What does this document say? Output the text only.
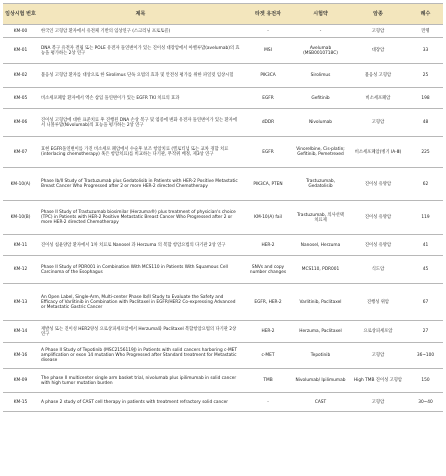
임상시험 번호	제목	타겟 유전자	시험약	암종	례수
KM-00	한국인 고형암 환자에서 유전체 기반의 임상연구 (스크리닝 프로토콜)	-	-	고형암	만명
KM-01	DNA 복구 유전자 결핍 또는 POLE 유전자 돌연변이가 있는 진이성 대장암에서 아벨루맙(avelumab)의 효능을 평가하는 2상 연구	MSI	Avelumab (MSB0010718C)	대장암	33
KM-02	불응성 고형암 환자를 대상으로 한 Sirolimus 단독 요법의 효과 및 안전성 평가를 위한 파일럿 임상시험	PIK3CA	Sirolimus	불응성 고형암	25
KM-05	비소세포폐암 환자에서 엑손 삽입 돌연변이가 있는 EGFR TKI 치료의 효과	EGFR	Gefitinib	비소세포폐암	198
KM-06	진이성 고형암에 대한 표준치료 후 진행된 DNA 손상 복구 및 염증에 변화 유전자 돌연변이가 있는 환자에서 니볼루맙(Nivolumab)의 효능을 평가하는 2상 연구	dDDR	Nivolumab	고형암	48
KM-07	효현 EGFR돌연변이를 가진 비소세포 폐암에서 수술후 보조 항암치료 (엘로티닙 또는 교차 경합 치료(interlacing chemotherapy) 혹은 항암치료)를 비교하는 다기관, 무작위 배정, 제3상 연구	EGFR	Vinorelbine, Cis-platin; Gefitinib, Pemetrexed	비소세포폐암(병기 IA-Ⅲ)	225
KM-10(A)	Phase Ib/II Study of Trastuzumab plus Gedatolisib in Patients with HER-2 Positive Metastatic Breast Cancer Who Progressed after 2 or more HER-2 directed Chemotherapy	PIK3CA, PTEN	Trastuzumab, Gedatolisib	진이성 유방암	62
KM-10(B)	Phase II Study of Trastuzumab biosimilar (Herzuma®) plus treatment of physician's choice (TPC) in Patients with HER-2 Positive Metastatic Breast Cancer Who Progressed after 2 or more HER-2 directed Chemotherapy	KM-10(A) fail	Trastuzumab, 의사선택치료제	진이성 유방암	119
KM-11	진이성 침윤양암 환자에서 1차 치료로 Nanosel 과 Herzuma 의 복합 항암요법의 다기관 2상 연구	HER-2	Nanosel, Herzuma	진이성 유방암	41
KM-12	Phase II Study of PDR001 in Combination With MCS110 in Patients With Squamous Cell Carcinoma of the Esophagus	SNVs and copy number changes	MCS110, PDR001	식도암	45
KM-13	An Open Label, Single-Arm, Multi-center Phase Ib/II Study to Evaluate the Safety and Efficacy of Varlitinib in Combination with Paclitaxel in EGFR/HER2 Co-expressing Advanced or Metastatic Gastric Cancer	EGFR, HER-2	Varlitinib, Paclitaxel	진행성 위암	67
KM-14	재발성 또는 진이성 HER2양성 요로상피세포암에서 Herzuma와 Paclitaxel 복합항암요법의 다기관 2상 연구	HER-2	Herzuma, Paclitaxel	요로상피세포암	27
KM-16	A Phase II Study of Tepotinib (MSC2156119J) in Patients with solid cancers harboring c-MET amplification or exon 14 mutation Who Progressed after Standard treatment for Metastatic disease	c-MET	Tepotinib	고형암	36~100
KM-09	The phase II multicenter single arm basket trial, nivolumab plus ipilimumab in solid cancer with high tumor mutation burden	TMB	Nivolumab/ Ipilimumab	High TMB 진이성 고형암	150
KM-15	A phase 2 study of CAST cell therapy in patients with treatment refractory solid cancer	-	CAST	고형암	30~40
